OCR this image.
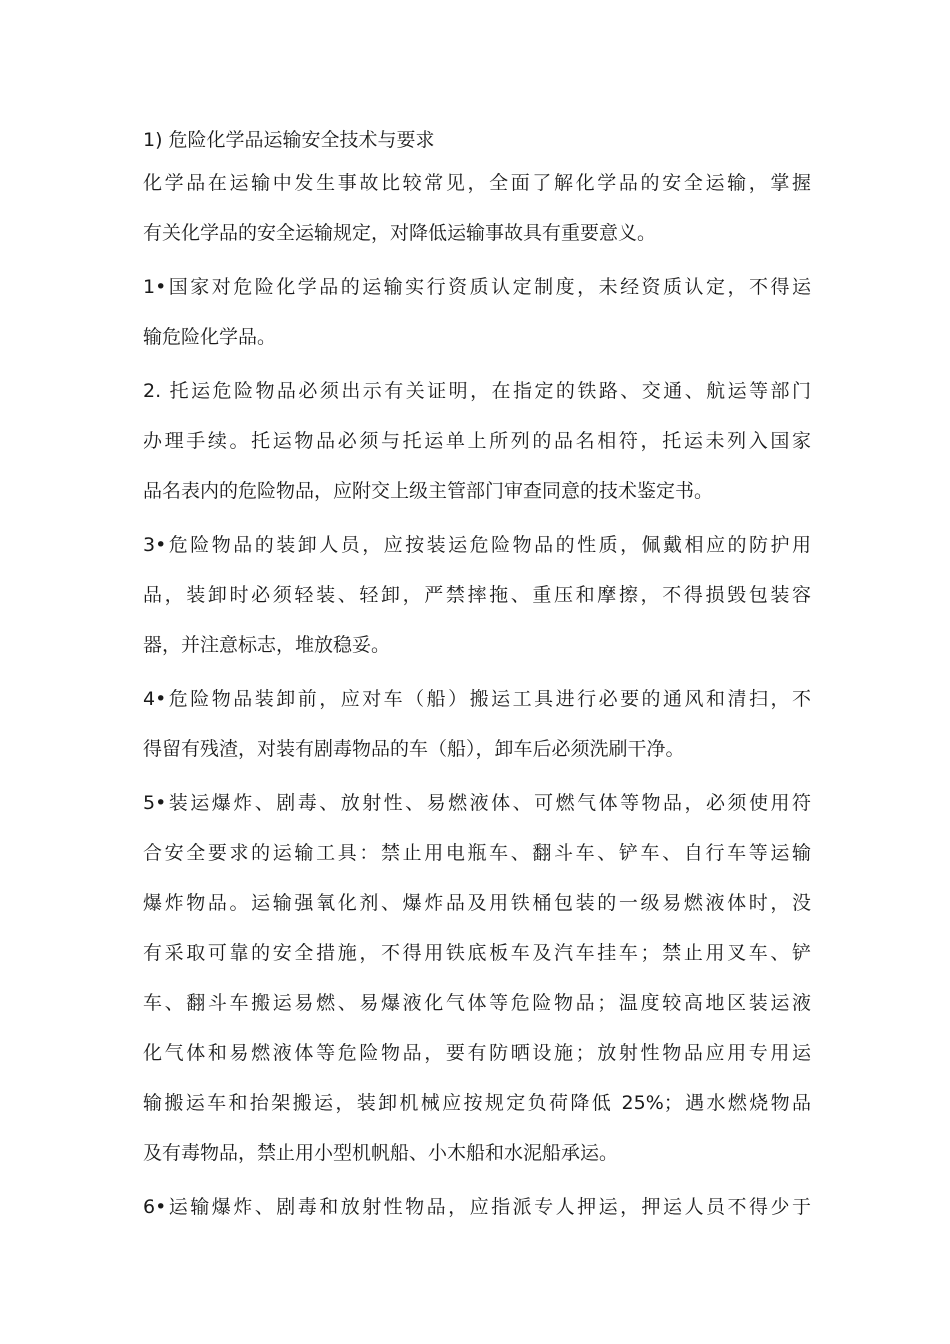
1) 危险化学品运输安全技术与要求
化学品在运输中发生事故比较常见，全面了解化学品的安全运输，掌握
有关化学品的安全运输规定，对降低运输事故具有重要意义。
1•国家对危险化学品的运输实行资质认定制度，未经资质认定，不得运
输危险化学品。
2. 托运危险物品必须出示有关证明，在指定的铁路、交通、航运等部门
办理手续。托运物品必须与托运单上所列的品名相符，托运未列入国家
品名表内的危险物品，应附交上级主管部门审查同意的技术鉴定书。
3•危险物品的装卸人员，应按装运危险物品的性质，佩戴相应的防护用
品，装卸时必须轻装、轻卸，严禁摔拖、重压和摩擦，不得损毁包装容
器，并注意标志，堆放稳妥。
4•危险物品装卸前，应对车（船）搬运工具进行必要的通风和清扫，不
得留有残渣，对装有剧毒物品的车（船），卸车后必须洗刷干净。
5•装运爆炸、剧毒、放射性、易燃液体、可燃气体等物品，必须使用符
合安全要求的运输工具：禁止用电瓶车、翻斗车、铲车、自行车等运输
爆炸物品。运输强氧化剂、爆炸品及用铁桶包装的一级易燃液体时，没
有采取可靠的安全措施，不得用铁底板车及汽车挂车；禁止用叉车、铲
车、翻斗车搬运易燃、易爆液化气体等危险物品；温度较高地区装运液
化气体和易燃液体等危险物品，要有防晒设施；放射性物品应用专用运
输搬运车和抬架搬运，装卸机械应按规定负荷降低 25%；遇水燃烧物品
及有毒物品，禁止用小型机帆船、小木船和水泥船承运。
6•运输爆炸、剧毒和放射性物品，应指派专人押运，押运人员不得少于
